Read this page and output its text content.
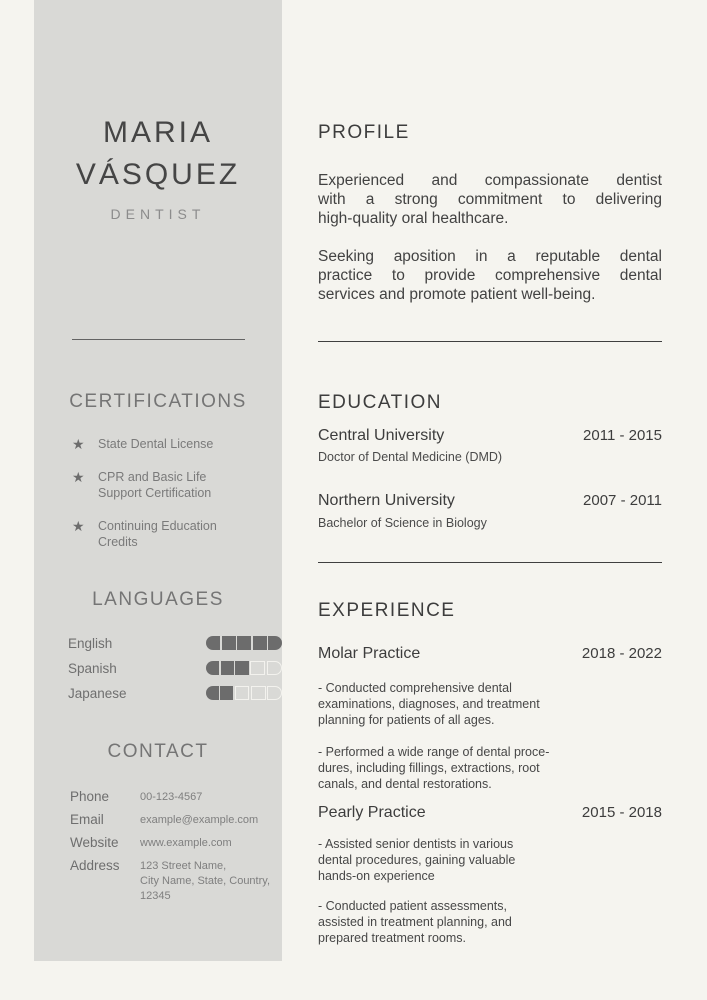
MARIA
VÁSQUEZ
DENTIST
CERTIFICATIONS
★	State Dental License
★	CPR and Basic Life
Support Certification
★	Continuing Education
Credits
LANGUAGES
English
Spanish
Japanese
CONTACT
Phone	00-123-4567
Email	example@example.com
Website	www.example.com
Address	123 Street Name,
City Name, State, Country,
12345
PROFILE
Experienced and compassionate dentist
with a strong commitment to delivering
high-quality oral healthcare.
Seeking aposition in a reputable dental
practice to provide comprehensive dental
services and promote patient well-being.
EDUCATION
Central University	2011 - 2015
Doctor of Dental Medicine (DMD)
Northern University	2007 - 2011
Bachelor of Science in Biology
EXPERIENCE
Molar Practice	2018 - 2022
- Conducted comprehensive dental
examinations, diagnoses, and treatment
planning for patients of all ages.
- Performed a wide range of dental proce-
dures, including fillings, extractions, root
canals, and dental restorations.
Pearly Practice	2015 - 2018
- Assisted senior dentists in various
dental procedures, gaining valuable
hands-on experience
- Conducted patient assessments,
assisted in treatment planning, and
prepared treatment rooms.
